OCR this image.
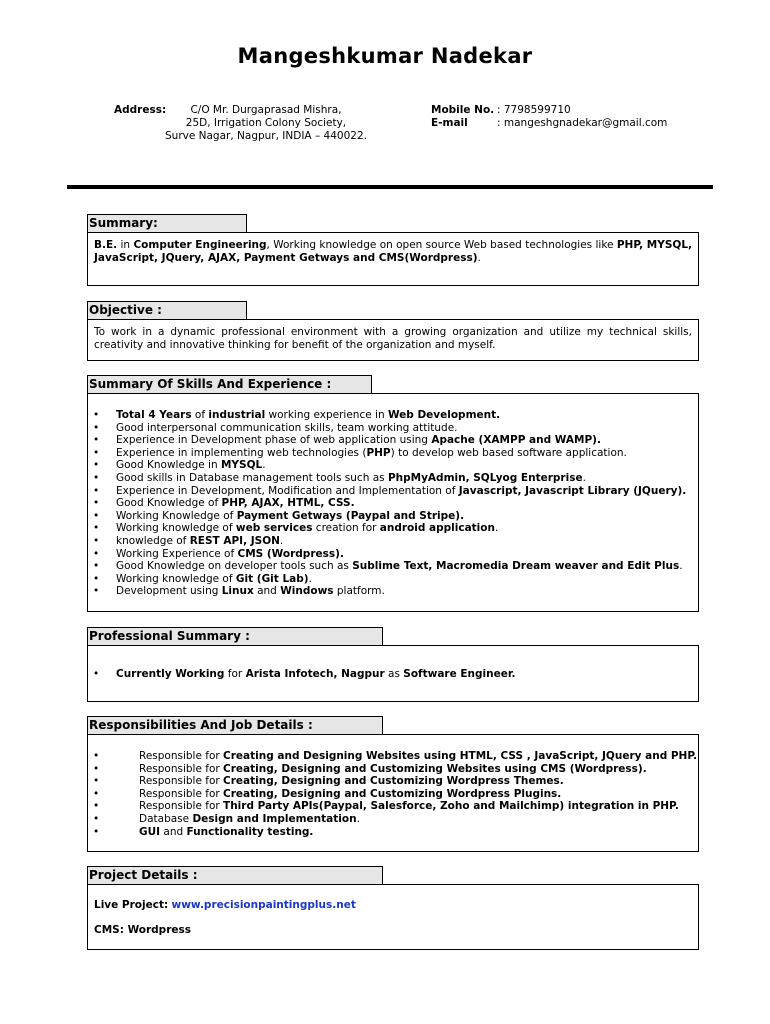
Mangeshkumar Nadekar
Address:	C/O Mr. Durgaprasad Mishra,
25D, Irrigation Colony Society,
Surve Nagar, Nagpur, INDIA – 440022.
Mobile No. : 7798599710
E-mail	: mangeshgnadekar@gmail.com
Summary:
B.E. in Computer Engineering, Working knowledge on open source Web based technologies like PHP, MYSQL, JavaScript, JQuery, AJAX, Payment Getways and CMS(Wordpress).
Objective :
To work in a dynamic professional environment with a growing organization and utilize my technical skills, creativity and innovative thinking for benefit of the organization and myself.
Summary Of Skills And Experience :
• Total 4 Years of industrial working experience in Web Development.
• Good interpersonal communication skills, team working attitude.
• Experience in Development phase of web application using Apache (XAMPP and WAMP).
• Experience in implementing web technologies (PHP) to develop web based software application.
• Good Knowledge in MYSQL.
• Good skills in Database management tools such as PhpMyAdmin, SQLyog Enterprise.
• Experience in Development, Modification and Implementation of Javascript, Javascript Library (JQuery).
• Good Knowledge of PHP, AJAX, HTML, CSS.
• Working Knowledge of Payment Getways (Paypal and Stripe).
• Working knowledge of web services creation for android application.
• knowledge of REST API, JSON.
• Working Experience of CMS (Wordpress).
• Good Knowledge on developer tools such as Sublime Text, Macromedia Dream weaver and Edit Plus.
• Working knowledge of Git (Git Lab).
• Development using Linux and Windows platform.
Professional Summary :
• Currently Working for Arista Infotech, Nagpur as Software Engineer.
Responsibilities And Job Details :
• Responsible for Creating and Designing Websites using HTML, CSS , JavaScript, JQuery and PHP.
• Responsible for Creating, Designing and Customizing Websites using CMS (Wordpress).
• Responsible for Creating, Designing and Customizing Wordpress Themes.
• Responsible for Creating, Designing and Customizing Wordpress Plugins.
• Responsible for Third Party APIs(Paypal, Salesforce, Zoho and Mailchimp) integration in PHP.
• Database Design and Implementation.
• GUI and Functionality testing.
Project Details :
Live Project: www.precisionpaintingplus.net
CMS: Wordpress
